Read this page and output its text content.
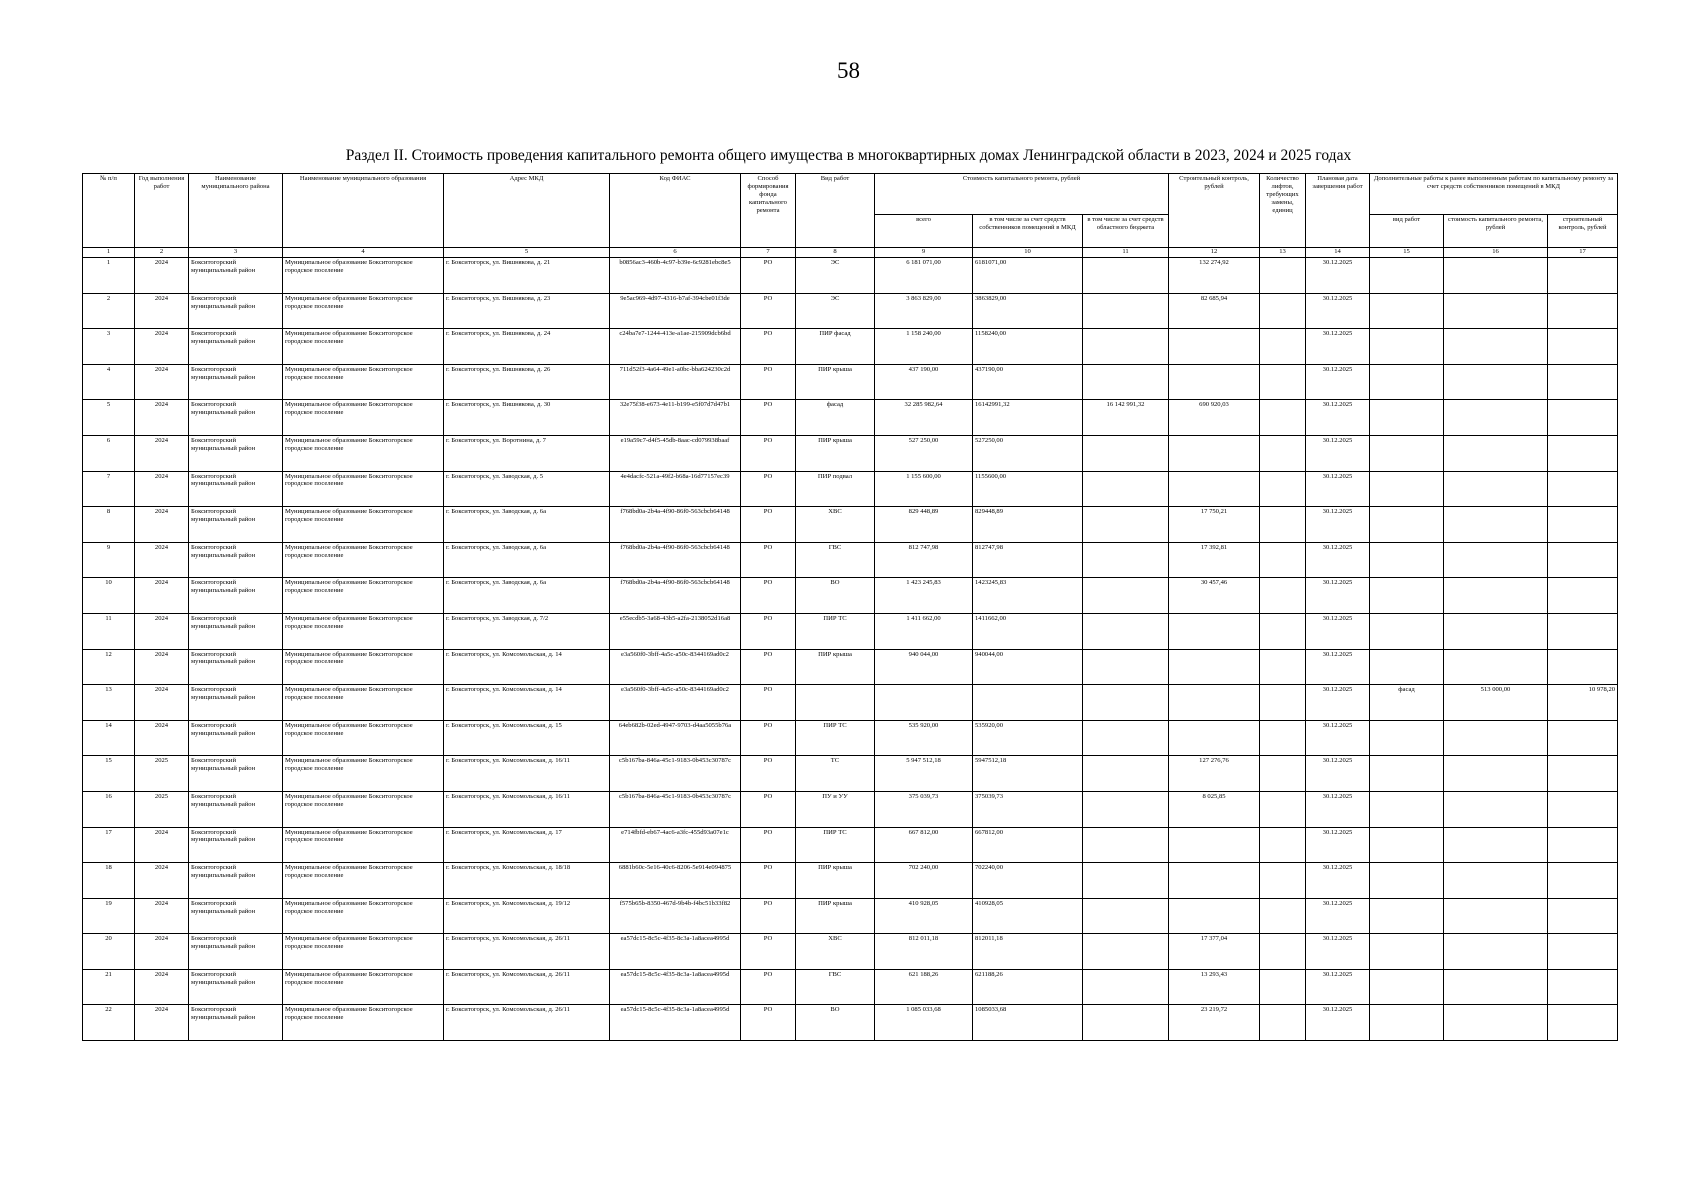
58
Раздел II. Стоимость проведения капитального ремонта общего имущества в многоквартирных домах Ленинградской области в 2023, 2024 и 2025 годах
№ п/п	Год выполнения работ	Наименование муниципального района	Наименование муниципального образования	Адрес МКД	Код ФИАС	Способ формирования фонда капитального ремонта	Вид работ	Стоимость капитального ремонта, рублей			Строительный контроль, рублей	Количество лифтов, требующих замены, единиц	Плановая дата завершения работ	Дополнительные работы к ранее выполненным работам по капитальному ремонту за счет средств собственников помещений в МКД		
								всего	в том числе за счет средств собственников помещений в МКД	в том числе за счет средств областного бюджета				вид работ	стоимость капитального ремонта, рублей	строительный контроль, рублей
1	2	3	4	5	6	7	8	9	10	11	12	13	14	15	16	17
1	2024	Бокситогорский муниципальный район	Муниципальное образование Бокситогорское городское поселение	г. Бокситогорск, ул. Вишнякова, д. 21	b0856ac3-460b-4c97-b39e-6c9281ebc8e5	РО	ЭС	6 181 071,00	6181071,00		132 274,92		30.12.2025			
2	2024	Бокситогорский муниципальный район	Муниципальное образование Бокситогорское городское поселение	г. Бокситогорск, ул. Вишнякова, д. 23	9e5ac969-4d97-4316-b7af-394cbe01f3de	РО	ЭС	3 863 829,00	3863829,00		82 685,94		30.12.2025			
3	2024	Бокситогорский муниципальный район	Муниципальное образование Бокситогорское городское поселение	г. Бокситогорск, ул. Вишнякова, д. 24	c24ba7e7-1244-413e-a1ae-215909dcb6bd	РО	ПИР фасад	1 158 240,00	1158240,00				30.12.2025			
4	2024	Бокситогорский муниципальный район	Муниципальное образование Бокситогорское городское поселение	г. Бокситогорск, ул. Вишнякова, д. 26	711d52f3-4a64-49e1-a0bc-bba624230c2d	РО	ПИР крыша	437 190,00	437190,00				30.12.2025			
5	2024	Бокситогорский муниципальный район	Муниципальное образование Бокситогорское городское поселение	г. Бокситогорск, ул. Вишнякова, д. 30	32e75f38-e673-4e11-b199-e5f07d7d47b1	РО	фасад	32 285 982,64	16142991,32	16 142 991,32	690 920,03		30.12.2025			
6	2024	Бокситогорский муниципальный район	Муниципальное образование Бокситогорское городское поселение	г. Бокситогорск, ул. Воротнина, д. 7	e19a59c7-d4f5-45db-8aac-cd079938baaf	РО	ПИР крыша	527 250,00	527250,00				30.12.2025			
7	2024	Бокситогорский муниципальный район	Муниципальное образование Бокситогорское городское поселение	г. Бокситогорск, ул. Заводская, д. 5	4e4dacfc-521a-49f2-b68a-16d77157ec39	РО	ПИР подвал	1 155 600,00	1155600,00				30.12.2025			
8	2024	Бокситогорский муниципальный район	Муниципальное образование Бокситогорское городское поселение	г. Бокситогорск, ул. Заводская, д. 6а	f768bd0a-2b4a-4f90-86f0-563cbcb64148	РО	ХВС	829 448,89	829448,89		17 750,21		30.12.2025			
9	2024	Бокситогорский муниципальный район	Муниципальное образование Бокситогорское городское поселение	г. Бокситогорск, ул. Заводская, д. 6а	f768bd0a-2b4a-4f90-86f0-563cbcb64148	РО	ГВС	812 747,98	812747,98		17 392,81		30.12.2025			
10	2024	Бокситогорский муниципальный район	Муниципальное образование Бокситогорское городское поселение	г. Бокситогорск, ул. Заводская, д. 6а	f768bd0a-2b4a-4f90-86f0-563cbcb64148	РО	ВО	1 423 245,83	1423245,83		30 457,46		30.12.2025			
11	2024	Бокситогорский муниципальный район	Муниципальное образование Бокситогорское городское поселение	г. Бокситогорск, ул. Заводская, д. 7/2	e55ecdb5-3a68-43b5-a2fa-2138052d16a8	РО	ПИР ТС	1 411 662,00	1411662,00				30.12.2025			
12	2024	Бокситогорский муниципальный район	Муниципальное образование Бокситогорское городское поселение	г. Бокситогорск, ул. Комсомольская, д. 14	e3a560f0-3bff-4a5c-a50c-8344169ad0c2	РО	ПИР крыша	940 044,00	940044,00				30.12.2025			
13	2024	Бокситогорский муниципальный район	Муниципальное образование Бокситогорское городское поселение	г. Бокситогорск, ул. Комсомольская, д. 14	e3a560f0-3bff-4a5c-a50c-8344169ad0c2	РО							30.12.2025	фасад	513 000,00	10 978,20
14	2024	Бокситогорский муниципальный район	Муниципальное образование Бокситогорское городское поселение	г. Бокситогорск, ул. Комсомольская, д. 15	64eb682b-02ed-4947-9703-d4aa5055b76a	РО	ПИР ТС	535 920,00	535920,00				30.12.2025			
15	2025	Бокситогорский муниципальный район	Муниципальное образование Бокситогорское городское поселение	г. Бокситогорск, ул. Комсомольская, д. 16/11	c5b167ba-846a-45c1-9183-0b453c30787c	РО	ТС	5 947 512,18	5947512,18		127 276,76		30.12.2025			
16	2025	Бокситогорский муниципальный район	Муниципальное образование Бокситогорское городское поселение	г. Бокситогорск, ул. Комсомольская, д. 16/11	c5b167ba-846a-45c1-9183-0b453c30787c	РО	ПУ и УУ	375 039,73	375039,73		8 025,85		30.12.2025			
17	2024	Бокситогорский муниципальный район	Муниципальное образование Бокситогорское городское поселение	г. Бокситогорск, ул. Комсомольская, д. 17	e714fbfd-eb67-4ac6-a3fc-455d93a07e1c	РО	ПИР ТС	667 812,00	667812,00				30.12.2025			
18	2024	Бокситогорский муниципальный район	Муниципальное образование Бокситогорское городское поселение	г. Бокситогорск, ул. Комсомольская, д. 18/18	6881b60c-5e16-40c6-8206-5e914e094875	РО	ПИР крыша	702 240,00	702240,00				30.12.2025			
19	2024	Бокситогорский муниципальный район	Муниципальное образование Бокситогорское городское поселение	г. Бокситогорск, ул. Комсомольская, д. 19/12	f575b65b-8350-467d-9b4b-f4bc51b33f82	РО	ПИР крыша	410 928,05	410928,05				30.12.2025			
20	2024	Бокситогорский муниципальный район	Муниципальное образование Бокситогорское городское поселение	г. Бокситогорск, ул. Комсомольская, д. 26/11	ea57dc15-8c5c-4f35-8c3a-1a8acea4995d	РО	ХВС	812 011,18	812011,18		17 377,04		30.12.2025			
21	2024	Бокситогорский муниципальный район	Муниципальное образование Бокситогорское городское поселение	г. Бокситогорск, ул. Комсомольская, д. 26/11	ea57dc15-8c5c-4f35-8c3a-1a8acea4995d	РО	ГВС	621 188,26	621188,26		13 293,43		30.12.2025			
22	2024	Бокситогорский муниципальный район	Муниципальное образование Бокситогорское городское поселение	г. Бокситогорск, ул. Комсомольская, д. 26/11	ea57dc15-8c5c-4f35-8c3a-1a8acea4995d	РО	ВО	1 085 033,68	1085033,68		23 219,72		30.12.2025			
